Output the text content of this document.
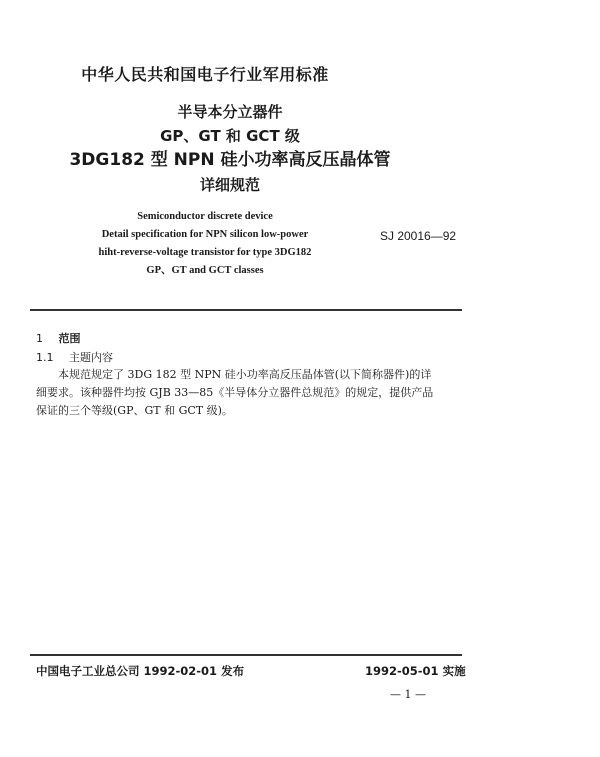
中华人民共和国电子行业军用标准
半导本分立器件
GP、GT 和 GCT 级
3DG182 型 NPN 硅小功率高反压晶体管
详细规范
Semiconductor discrete device
Detail specification for NPN silicon low-power
hiht-reverse-voltage transistor for type 3DG182
GP、GT and GCT classes
SJ 20016—92
1 范围
1.1 主题内容
本规范规定了 3DG 182 型 NPN 硅小功率高反压晶体管(以下简称器件)的详细要求。该种器件均按 GJB 33—85《半导体分立器件总规范》的规定，提供产品保证的三个等级(GP、GT 和 GCT 级)。
中国电子工业总公司 1992-02-01 发布	1992-05-01 实施
— 1 —
